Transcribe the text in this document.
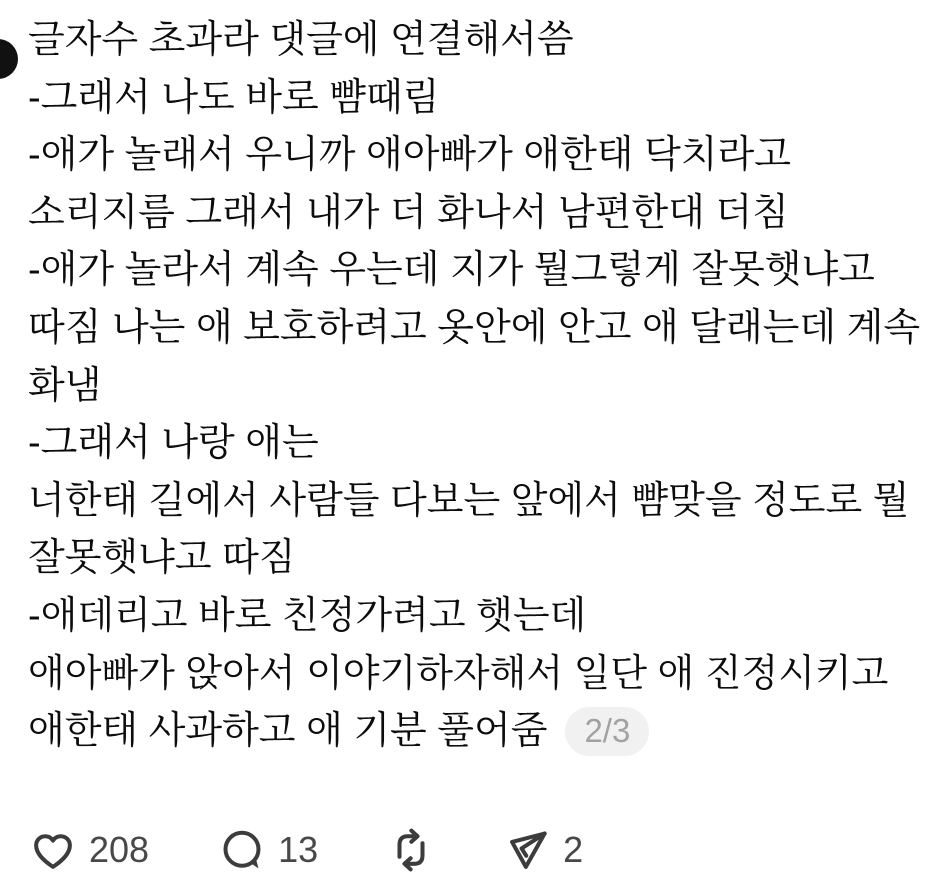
글자수 초과라 댓글에 연결해서씀
-그래서 나도 바로 뺨때림
-애가 놀래서 우니까 애아빠가 애한태 닥치라고
소리지름 그래서 내가 더 화나서 남편한대 더침
-애가 놀라서 계속 우는데 지가 뭘그렇게 잘못햇냐고
따짐 나는 애 보호하려고 옷안에 안고 애 달래는데 계속
화냄
-그래서 나랑 애는
너한태 길에서 사람들 다보는 앞에서 뺨맞을 정도로 뭘
잘못햇냐고 따짐
-애데리고 바로 친정가려고 햇는데
애아빠가 앉아서 이야기하자해서 일단 애 진정시키고
애한태 사과하고 애 기분 풀어줌	2/3
208	13	2
